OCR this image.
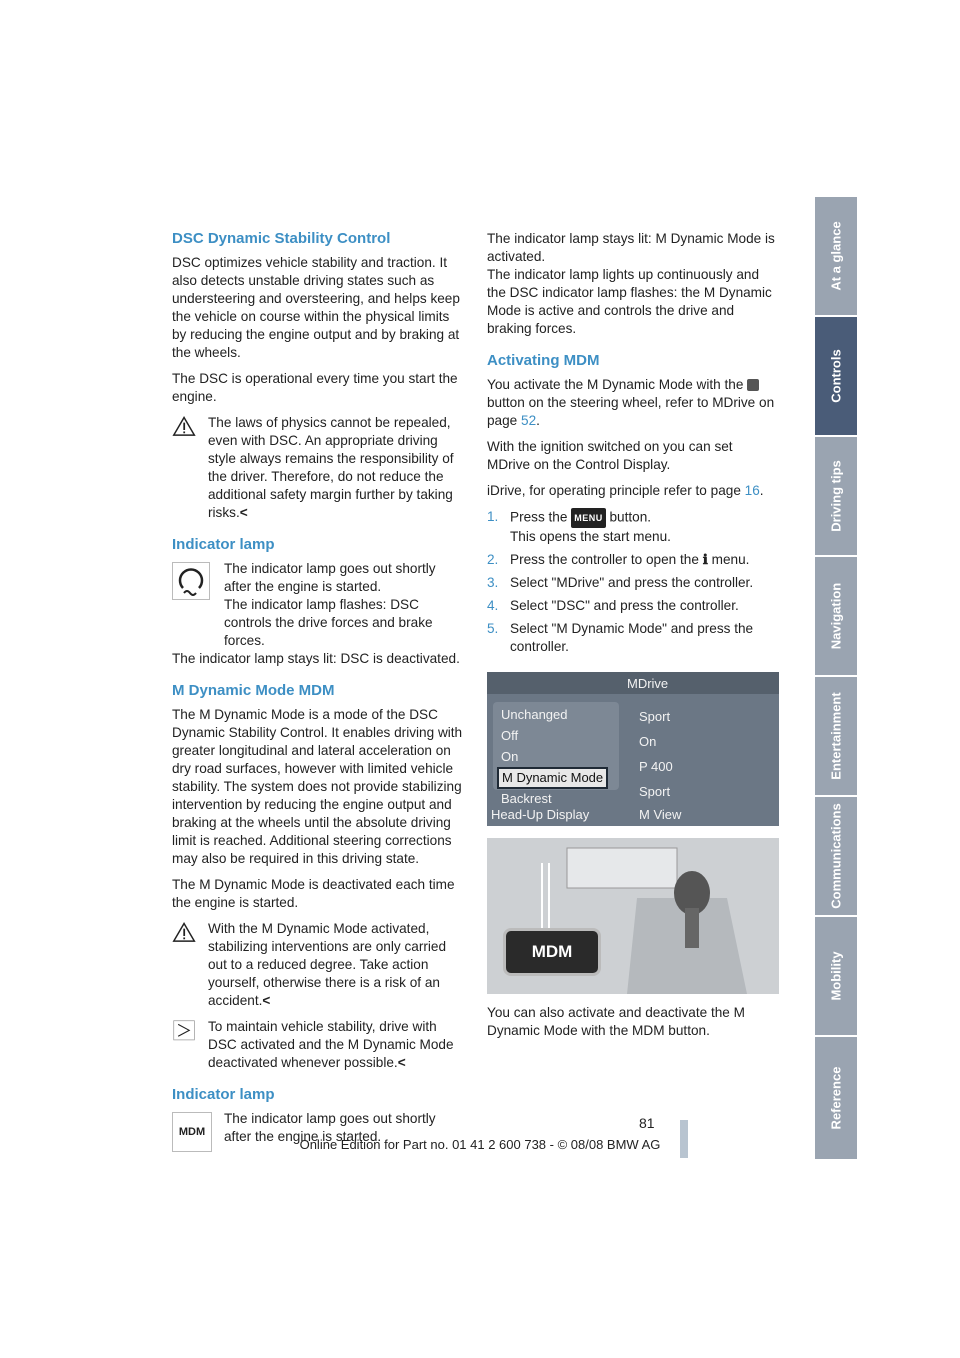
DSC Dynamic Stability Control

DSC optimizes vehicle stability and traction. It also detects unstable driving states such as understeering and oversteering, and helps keep the vehicle on course within the physical limits by reducing the engine output and by braking at the wheels.

The DSC is operational every time you start the engine.

The laws of physics cannot be repealed, even with DSC. An appropriate driving style always remains the responsibility of the driver. Therefore, do not reduce the additional safety margin further by taking risks.<

Indicator lamp

The indicator lamp goes out shortly after the engine is started.

The indicator lamp flashes: DSC controls the drive forces and brake forces.

The indicator lamp stays lit: DSC is deactivated.

M Dynamic Mode MDM

The M Dynamic Mode is a mode of the DSC Dynamic Stability Control. It enables driving with greater longitudinal and lateral acceleration on dry road surfaces, however with limited vehicle stability. The system does not provide stabilizing intervention by reducing the engine output and braking at the wheels until the absolute driving limit is reached. Additional steering corrections may also be required in this driving state.

The M Dynamic Mode is deactivated each time the engine is started.

With the M Dynamic Mode activated, stabilizing interventions are only carried out to a reduced degree. Take action yourself, otherwise there is a risk of an accident.<

To maintain vehicle stability, drive with DSC activated and the M Dynamic Mode deactivated whenever possible.<

Indicator lamp
MDM

The indicator lamp goes out shortly after the engine is started.

The indicator lamp stays lit: M Dynamic Mode is activated.

The indicator lamp lights up continuously and the DSC indicator lamp flashes: the M Dynamic Mode is active and controls the drive and braking forces.

Activating MDM

You activate the M Dynamic Mode with the  button on the steering wheel, refer to MDrive on page 52.

With the ignition switched on you can set MDrive on the Control Display.

iDrive, for operating principle refer to page 16.

1. Press the MENU button.
This opens the start menu.
2. Press the controller to open the ℹ menu.
3. Select "MDrive" and press the controller.
4. Select "DSC" and press the controller.
5. Select "M Dynamic Mode" and press the controller.
MDrive
Unchanged
Off
On
M Dynamic Mode
Backrest
Head-Up Display
Sport
On
P 400
Sport
M View
MDM

You can also activate and deactivate the M Dynamic Mode with the MDM button.

At a glance
Controls
Driving tips
Navigation
Entertainment
Communications
Mobility
Reference
81
Online Edition for Part no. 01 41 2 600 738 - © 08/08 BMW AG
